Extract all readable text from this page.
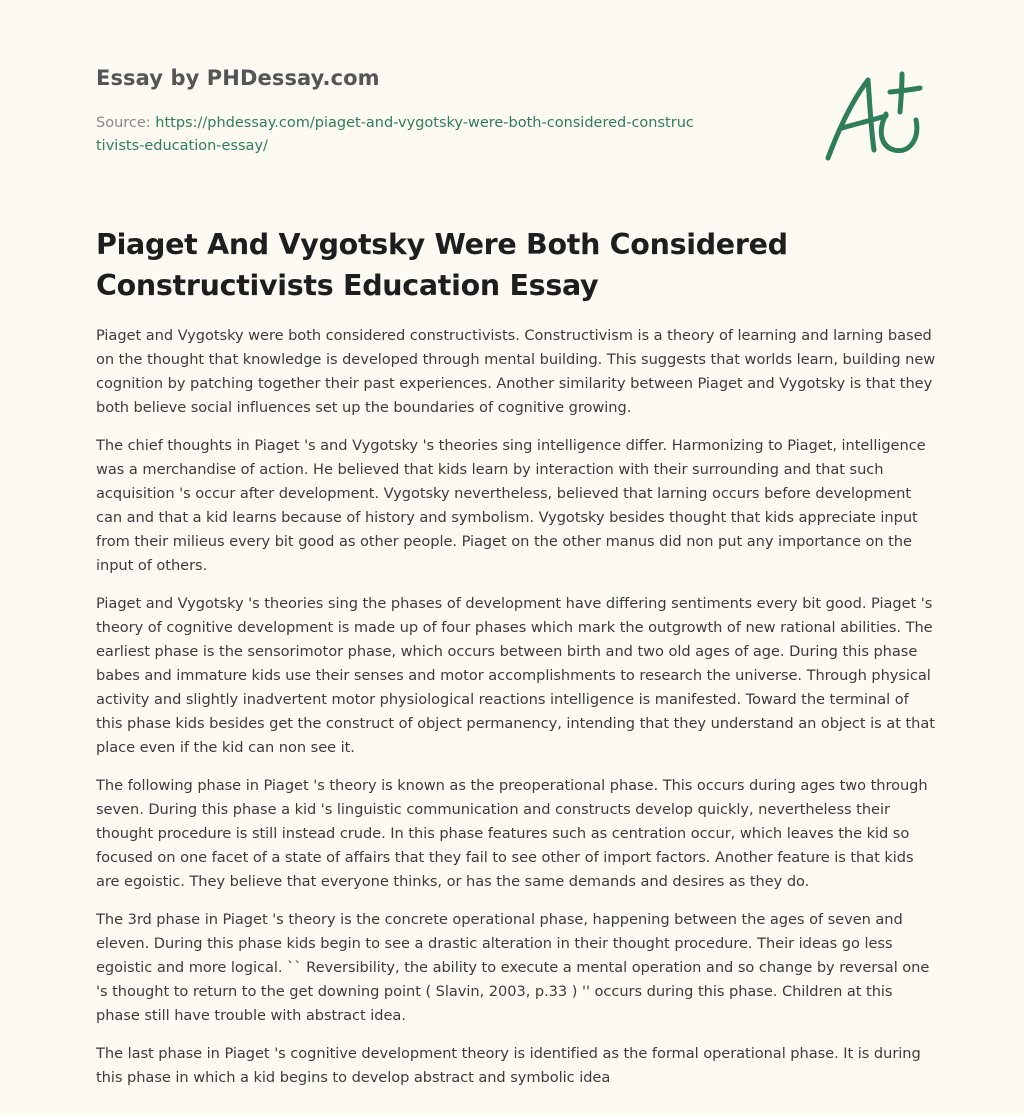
Essay by PHDessay.com
Source: https://phdessay.com/piaget-and-vygotsky-were-both-considered-constructivists-education-essay/
Piaget And Vygotsky Were Both Considered Constructivists Education Essay

Piaget and Vygotsky were both considered constructivists. Constructivism is a theory of learning and larning based on the thought that knowledge is developed through mental building. This suggests that worlds learn, building new cognition by patching together their past experiences. Another similarity between Piaget and Vygotsky is that they both believe social influences set up the boundaries of cognitive growing.

The chief thoughts in Piaget 's and Vygotsky 's theories sing intelligence differ. Harmonizing to Piaget, intelligence was a merchandise of action. He believed that kids learn by interaction with their surrounding and that such acquisition 's occur after development. Vygotsky nevertheless, believed that larning occurs before development can and that a kid learns because of history and symbolism. Vygotsky besides thought that kids appreciate input from their milieus every bit good as other people. Piaget on the other manus did non put any importance on the input of others.

Piaget and Vygotsky 's theories sing the phases of development have differing sentiments every bit good. Piaget 's theory of cognitive development is made up of four phases which mark the outgrowth of new rational abilities. The earliest phase is the sensorimotor phase, which occurs between birth and two old ages of age. During this phase babes and immature kids use their senses and motor accomplishments to research the universe. Through physical activity and slightly inadvertent motor physiological reactions intelligence is manifested. Toward the terminal of this phase kids besides get the construct of object permanency, intending that they understand an object is at that place even if the kid can non see it.

The following phase in Piaget 's theory is known as the preoperational phase. This occurs during ages two through seven. During this phase a kid 's linguistic communication and constructs develop quickly, nevertheless their thought procedure is still instead crude. In this phase features such as centration occur, which leaves the kid so focused on one facet of a state of affairs that they fail to see other of import factors. Another feature is that kids are egoistic. They believe that everyone thinks, or has the same demands and desires as they do.

The 3rd phase in Piaget 's theory is the concrete operational phase, happening between the ages of seven and eleven. During this phase kids begin to see a drastic alteration in their thought procedure. Their ideas go less egoistic and more logical. `` Reversibility, the ability to execute a mental operation and so change by reversal one 's thought to return to the get downing point ( Slavin, 2003, p.33 ) '' occurs during this phase. Children at this phase still have trouble with abstract idea.

The last phase in Piaget 's cognitive development theory is identified as the formal operational phase. It is during this phase in which a kid begins to develop abstract and symbolic idea
